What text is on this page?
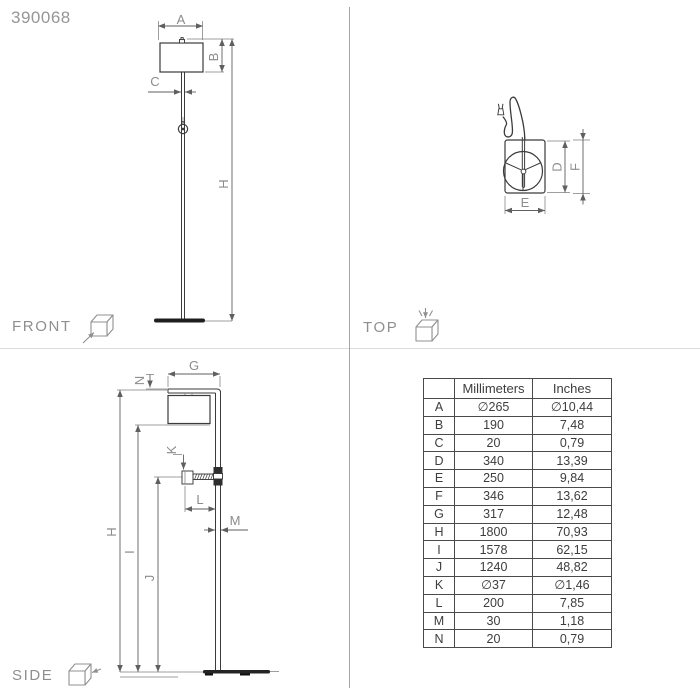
390068	A
B
H
C
D F
E
G
N
H
I
J
K
L
M
FRONT	TOP
SIDE
	Millimeters	Inches
A	∅265	∅10,44
B	190	7,48
C	20	0,79
D	340	13,39
E	250	9,84
F	346	13,62
G	317	12,48
H	1800	70,93
I	1578	62,15
J	1240	48,82
K	∅37	∅1,46
L	200	7,85
M	30	1,18
N	20	0,79
